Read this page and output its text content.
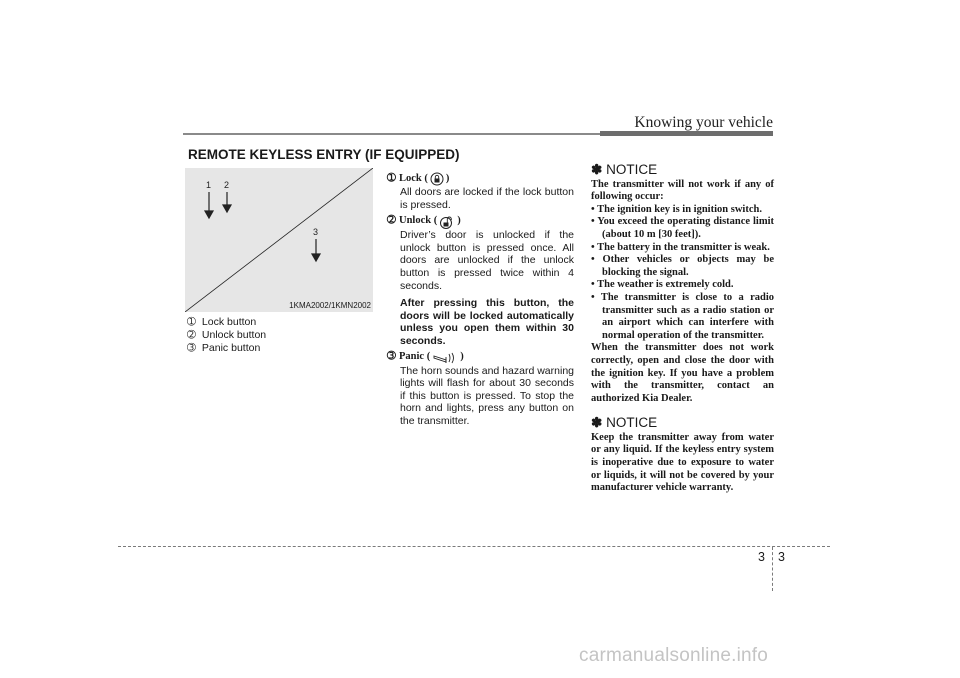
Knowing your vehicle
REMOTE KEYLESS ENTRY (IF EQUIPPED)
1 2
3
1KMA2002/1KMN2002
➀ Lock button
➁ Unlock button
➂ Panic button
➀ Lock ( )

All doors are locked if the lock button is pressed.

➁ Unlock ( )

Driver’s door is unlocked if the unlock button is pressed once. All doors are unlocked if the unlock button is pressed twice within 4 seconds.

After pressing this button, the doors will be locked automatically unless you open them within 30 seconds.

➂ Panic (	)

The horn sounds and hazard warning lights will flash for about 30 seconds if this button is pressed. To stop the horn and lights, press any button on the transmitter.

✽ NOTICE

The transmitter will not work if any of following occur:

• The ignition key is in ignition switch.
• You exceed the operating distance limit (about 10 m [30 feet]).
• The battery in the transmitter is weak.
• Other vehicles or objects may be blocking the signal.
• The weather is extremely cold.
• The transmitter is close to a radio transmitter such as a radio station or an airport which can interfere with normal operation of the transmitter.

When the transmitter does not work correctly, open and close the door with the ignition key. If you have a problem with the transmitter, contact an authorized Kia Dealer.

✽ NOTICE

Keep the transmitter away from water or any liquid. If the keyless entry system is inoperative due to exposure to water or liquids, it will not be covered by your manufacturer vehicle warranty.

3 3
carmanualsonline.info
